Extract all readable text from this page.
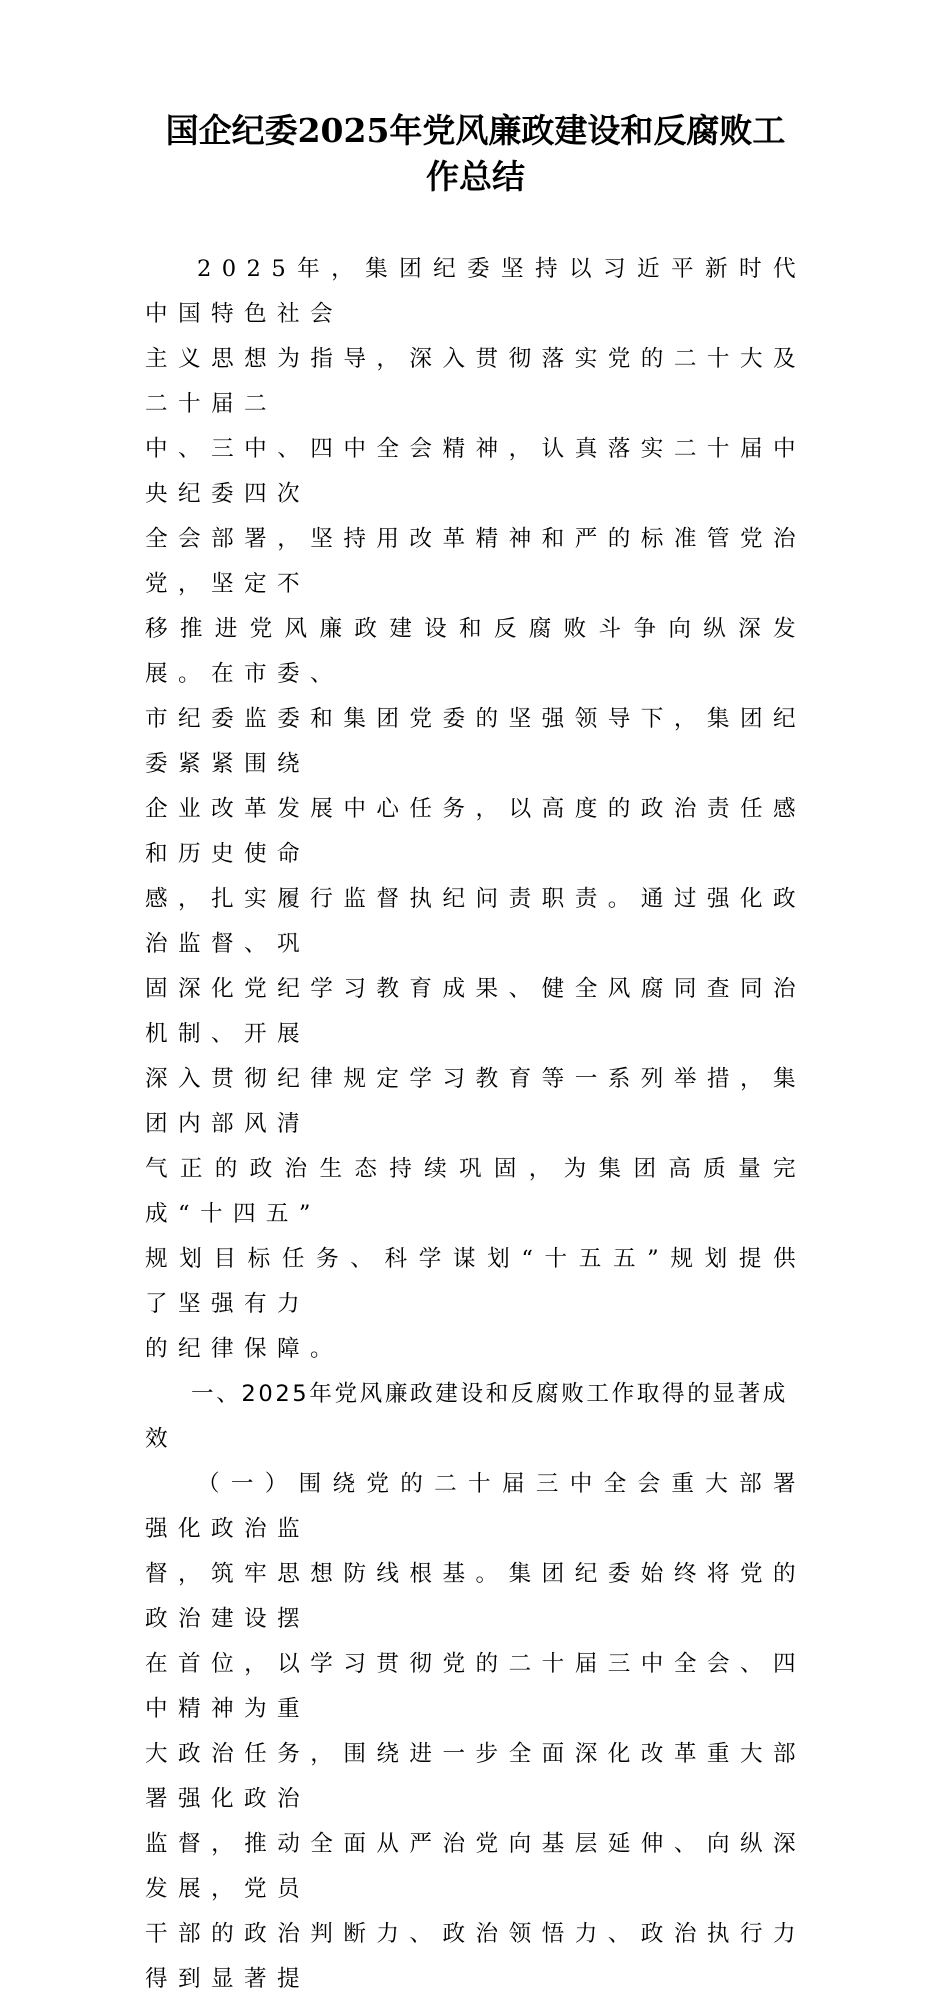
国企纪委2025年党风廉政建设和反腐败工
作总结

2025年，集团纪委坚持以习近平新时代中国特色社会
主义思想为指导，深入贯彻落实党的二十大及二十届二
中、三中、四中全会精神，认真落实二十届中央纪委四次
全会部署，坚持用改革精神和严的标准管党治党，坚定不
移推进党风廉政建设和反腐败斗争向纵深发展。在市委、
市纪委监委和集团党委的坚强领导下，集团纪委紧紧围绕
企业改革发展中心任务，以高度的政治责任感和历史使命
感，扎实履行监督执纪问责职责。通过强化政治监督、巩
固深化党纪学习教育成果、健全风腐同查同治机制、开展
深入贯彻纪律规定学习教育等一系列举措，集团内部风清
气正的政治生态持续巩固，为集团高质量完成“十四五”
规划目标任务、科学谋划“十五五”规划提供了坚强有力
的纪律保障。

一、2025年党风廉政建设和反腐败工作取得的显著成
效

（一）围绕党的二十届三中全会重大部署强化政治监
督，筑牢思想防线根基。集团纪委始终将党的政治建设摆
在首位，以学习贯彻党的二十届三中全会、四中精神为重
大政治任务，围绕进一步全面深化改革重大部署强化政治
监督，推动全面从严治党向基层延伸、向纵深发展，党员
干部的政治判断力、政治领悟力、政治执行力得到显著提
